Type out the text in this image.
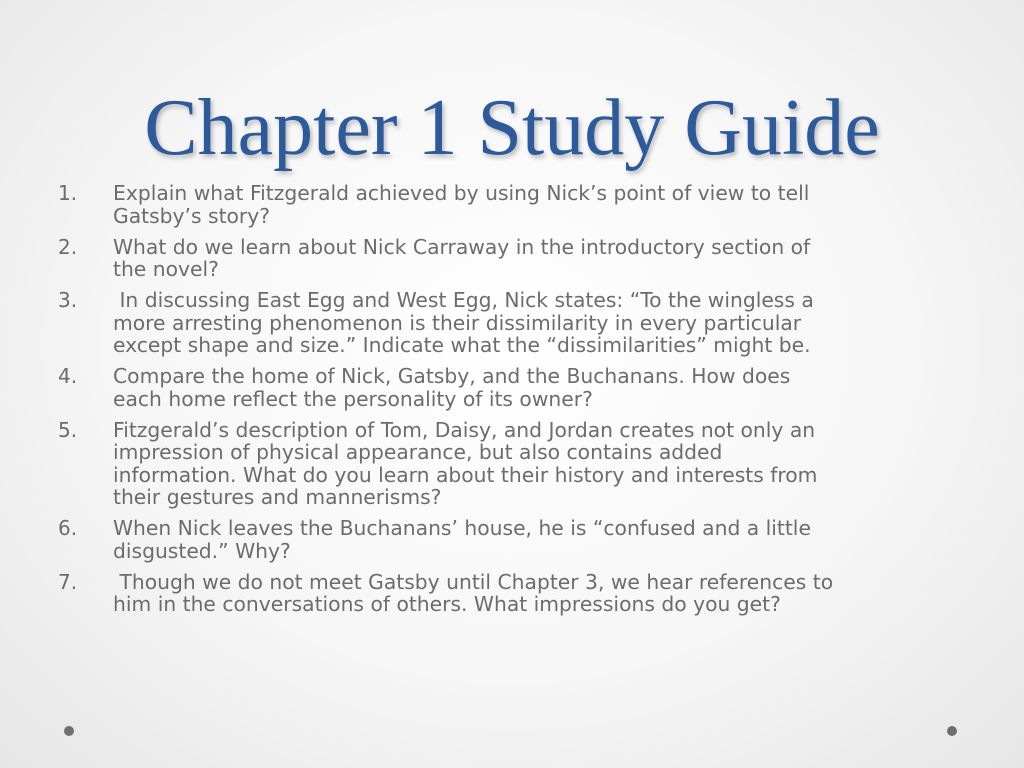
Chapter 1 Study Guide
1. Explain what Fitzgerald achieved by using Nick’s point of view to tell
Gatsby’s story?
2. What do we learn about Nick Carraway in the introductory section of
the novel?
3. In discussing East Egg and West Egg, Nick states: “To the wingless a
more arresting phenomenon is their dissimilarity in every particular
except shape and size.” Indicate what the “dissimilarities” might be.
4. Compare the home of Nick, Gatsby, and the Buchanans. How does
each home reflect the personality of its owner?
5. Fitzgerald’s description of Tom, Daisy, and Jordan creates not only an
impression of physical appearance, but also contains added
information. What do you learn about their history and interests from
their gestures and mannerisms?
6. When Nick leaves the Buchanans’ house, he is “confused and a little
disgusted.” Why?
7. Though we do not meet Gatsby until Chapter 3, we hear references to
him in the conversations of others. What impressions do you get?
